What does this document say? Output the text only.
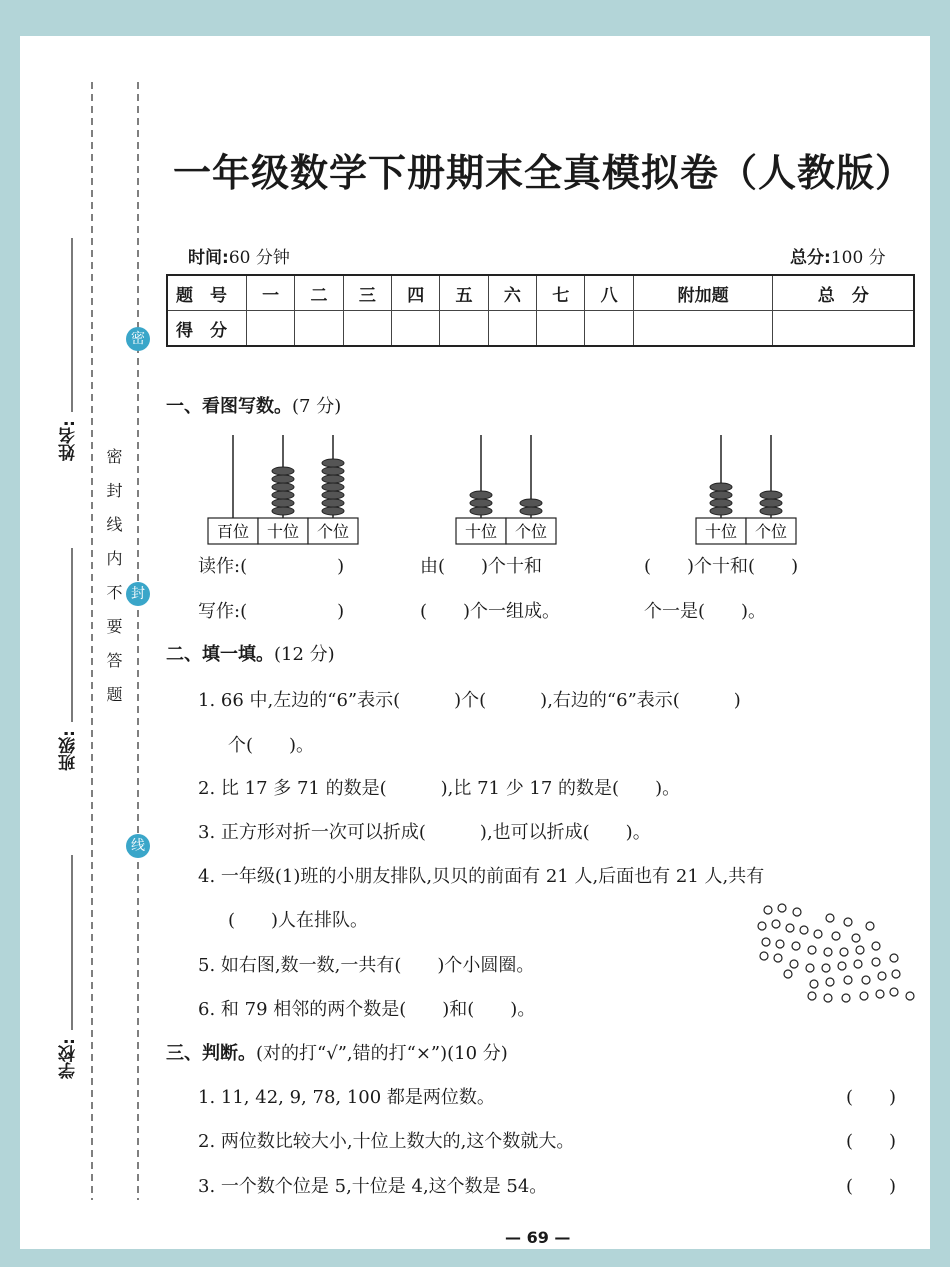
姓名:
班级:
学校:
密封线内不要答题
密
封
线
一年级数学下册期末全真模拟卷（人教版）
时间:60 分钟	总分:100 分
题　号	一	二	三	四	五	六	七	八	附加题	总　分
得　分										
一、看图写数。(7 分)
百位 十位 个位	十位 个位	十位 个位
读作:(　　　　　)
写作:(　　　　　)
由(　　)个十和
(　　)个一组成。
(　　)个十和(　　)
个一是(　　)。
二、填一填。(12 分)
1. 66 中,左边的“6”表示(　　　)个(　　　),右边的“6”表示(　　　)
个(　　)。
2. 比 17 多 71 的数是(　　　),比 71 少 17 的数是(　　)。
3. 正方形对折一次可以折成(　　　),也可以折成(　　)。
4. 一年级(1)班的小朋友排队,贝贝的前面有 21 人,后面也有 21 人,共有
(　　)人在排队。
5. 如右图,数一数,一共有(　　)个小圆圈。
6. 和 79 相邻的两个数是(　　)和(　　)。
三、判断。(对的打“√”,错的打“×”)(10 分)
1. 11, 42, 9, 78, 100 都是两位数。
2. 两位数比较大小,十位上数大的,这个数就大。
3. 一个数个位是 5,十位是 4,这个数是 54。
(　　)
(　　)
(　　)
— 69 —
